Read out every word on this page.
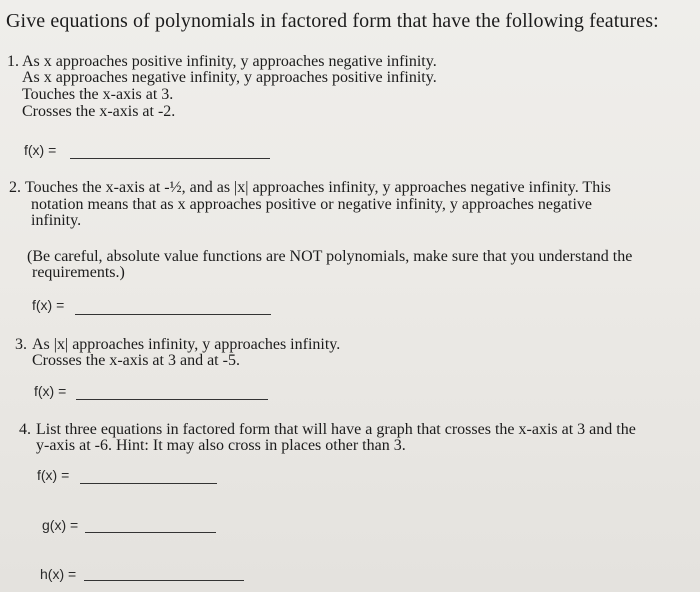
Give equations of polynomials in factored form that have the following features:
1. As x approaches positive infinity, y approaches negative infinity.
As x approaches negative infinity, y approaches positive infinity.
Touches the x-axis at 3.
Crosses the x-axis at -2.
f(x) =
2. Touches the x-axis at -½, and as |x| approaches infinity, y approaches negative infinity. This
notation means that as x approaches positive or negative infinity, y approaches negative
infinity.
(Be careful, absolute value functions are NOT polynomials, make sure that you understand the
requirements.)
f(x) =
3. As |x| approaches infinity, y approaches infinity.
Crosses the x-axis at 3 and at -5.
f(x) =
4. List three equations in factored form that will have a graph that crosses the x-axis at 3 and the
y-axis at -6. Hint: It may also cross in places other than 3.
f(x) =
g(x) =
h(x) =
